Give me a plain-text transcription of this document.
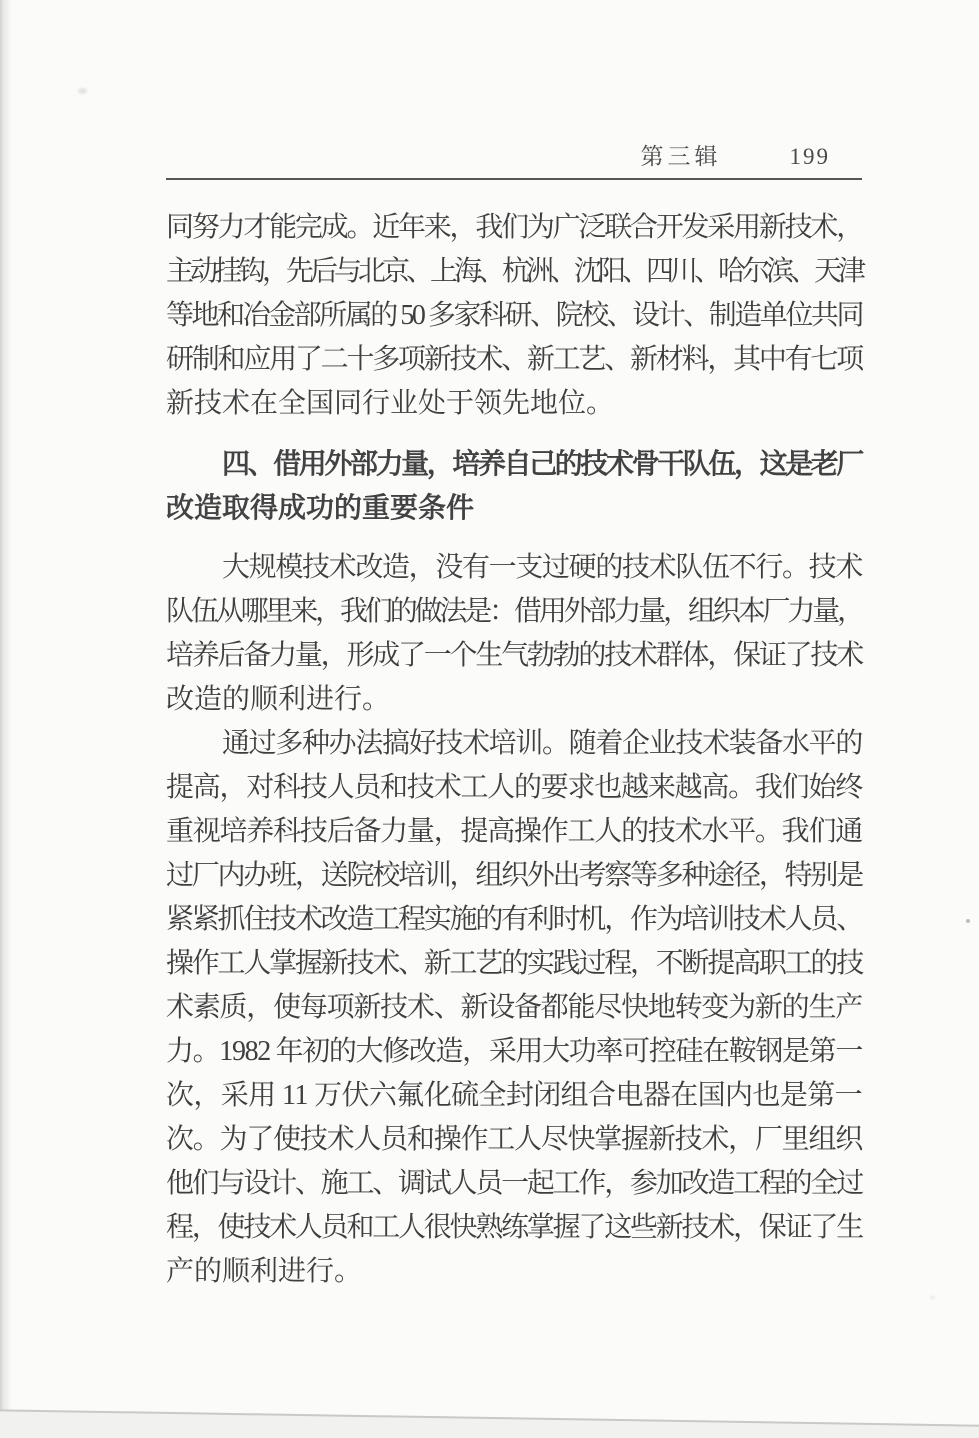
第三辑	199

同努力才能完成。近年来，我们为广泛联合开发采用新技术，
主动挂钩，先后与北京、上海、杭洲、沈阳、四川、哈尔滨、天津
等地和冶金部所属的 50 多家科研、院校、设计、制造单位共同
研制和应用了二十多项新技术、新工艺、新材料，其中有七项
新技术在全国同行业处于领先地位。

四、借用外部力量，培养自己的技术骨干队伍，这是老厂
改造取得成功的重要条件

大规模技术改造，没有一支过硬的技术队伍不行。技术
队伍从哪里来，我们的做法是：借用外部力量，组织本厂力量，
培养后备力量，形成了一个生气勃勃的技术群体，保证了技术
改造的顺利进行。

通过多种办法搞好技术培训。随着企业技术装备水平的
提高，对科技人员和技术工人的要求也越来越高。我们始终
重视培养科技后备力量，提高操作工人的技术水平。我们通
过厂内办班，送院校培训，组织外出考察等多种途径，特别是
紧紧抓住技术改造工程实施的有利时机，作为培训技术人员、
操作工人掌握新技术、新工艺的实践过程，不断提高职工的技
术素质，使每项新技术、新设备都能尽快地转变为新的生产
力。1982 年初的大修改造，采用大功率可控硅在鞍钢是第一
次，采用 11 万伏六氟化硫全封闭组合电器在国内也是第一
次。为了使技术人员和操作工人尽快掌握新技术，厂里组织
他们与设计、施工、调试人员一起工作，参加改造工程的全过
程，使技术人员和工人很快熟练掌握了这些新技术，保证了生
产的顺利进行。
